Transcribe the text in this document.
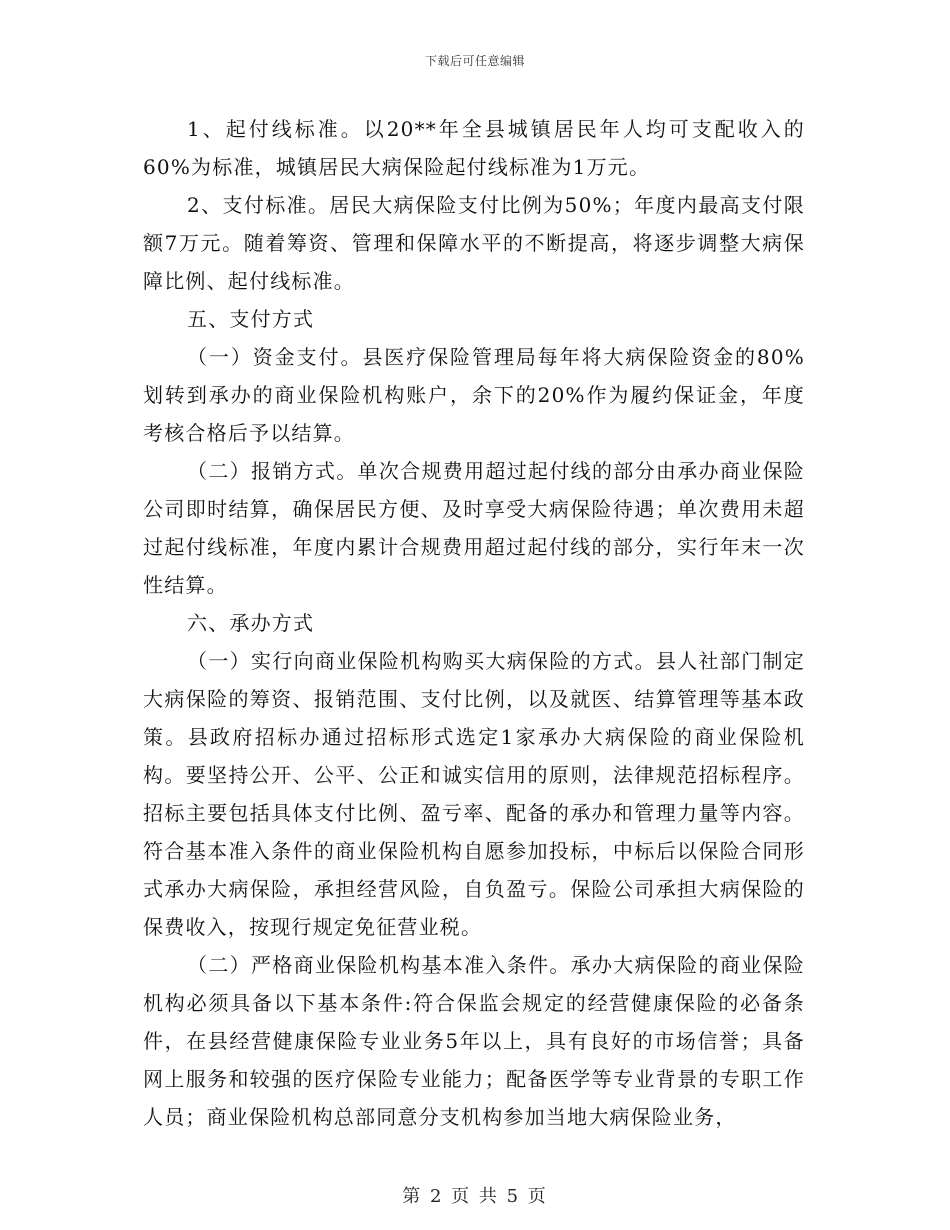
下载后可任意编辑

1、起付线标准。以20**年全县城镇居民年人均可支配收入的60%为标准，城镇居民大病保险起付线标准为1万元。

2、支付标准。居民大病保险支付比例为50%；年度内最高支付限额7万元。随着筹资、管理和保障水平的不断提高，将逐步调整大病保障比例、起付线标准。

五、支付方式

（一）资金支付。县医疗保险管理局每年将大病保险资金的80%划转到承办的商业保险机构账户，余下的20%作为履约保证金，年度考核合格后予以结算。

（二）报销方式。单次合规费用超过起付线的部分由承办商业保险公司即时结算，确保居民方便、及时享受大病保险待遇；单次费用未超过起付线标准，年度内累计合规费用超过起付线的部分，实行年末一次性结算。

六、承办方式

（一）实行向商业保险机构购买大病保险的方式。县人社部门制定大病保险的筹资、报销范围、支付比例，以及就医、结算管理等基本政策。县政府招标办通过招标形式选定1家承办大病保险的商业保险机构。要坚持公开、公平、公正和诚实信用的原则，法律规范招标程序。招标主要包括具体支付比例、盈亏率、配备的承办和管理力量等内容。符合基本准入条件的商业保险机构自愿参加投标，中标后以保险合同形式承办大病保险，承担经营风险，自负盈亏。保险公司承担大病保险的保费收入，按现行规定免征营业税。

（二）严格商业保险机构基本准入条件。承办大病保险的商业保险机构必须具备以下基本条件:符合保监会规定的经营健康保险的必备条件，在县经营健康保险专业业务5年以上，具有良好的市场信誉；具备网上服务和较强的医疗保险专业能力；配备医学等专业背景的专职工作人员；商业保险机构总部同意分支机构参加当地大病保险业务，

第 2 页 共 5 页
